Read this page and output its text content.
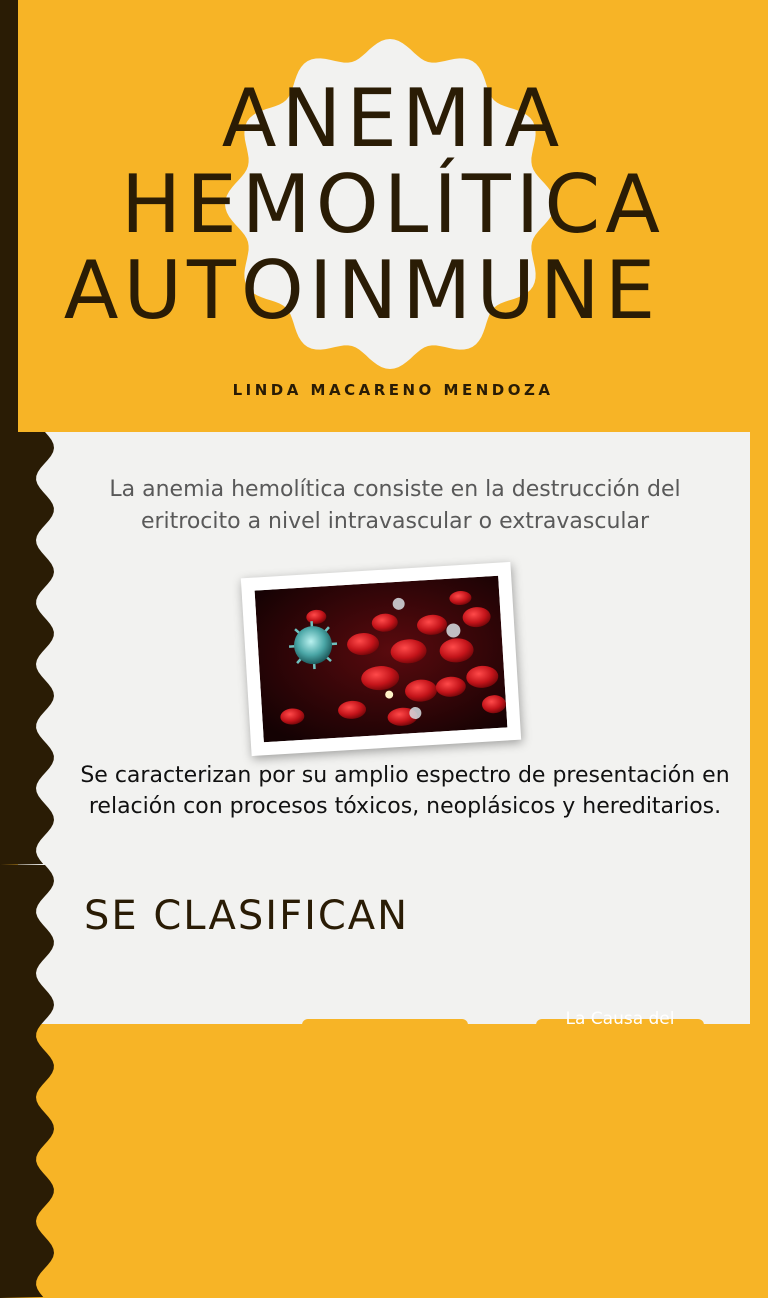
ANEMIA
HEMOLÍTICA
AUTOINMUNE

LINDA MACARENO MENDOZA

La anemia hemolítica consiste en la destrucción del eritrocito a nivel intravascular o extravascular

Se caracterizan por su amplio espectro de presentación en relación con procesos tóxicos, neoplásicos y hereditarios.

SE CLASIFICAN

La Causa del
